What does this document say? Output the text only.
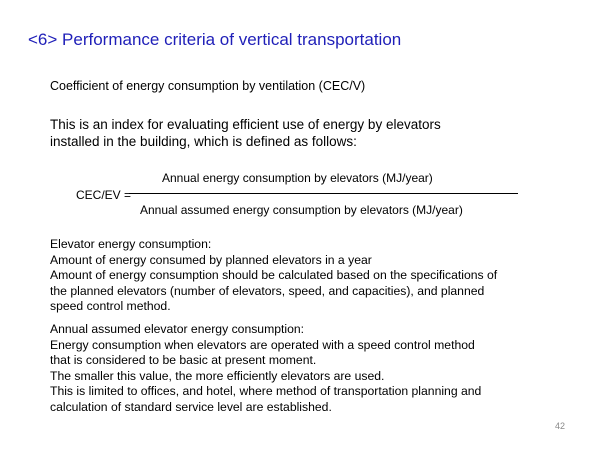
<6> Performance criteria of vertical transportation
Coefficient of energy consumption by ventilation (CEC/V)
This is an index for evaluating efficient use of energy by elevators
installed in the building, which is defined as follows:
CEC/EV =
Annual energy consumption by elevators (MJ/year)
Annual assumed energy consumption by elevators (MJ/year)
Elevator energy consumption:
Amount of energy consumed by planned elevators in a year
Amount of energy consumption should be calculated based on the specifications of
the planned elevators (number of elevators, speed, and capacities), and planned
speed control method.
Annual assumed elevator energy consumption:
Energy consumption when elevators are operated with a speed control method
that is considered to be basic at present moment.
The smaller this value, the more efficiently elevators are used.
This is limited to offices, and hotel, where method of transportation planning and
calculation of standard service level are established.
42
